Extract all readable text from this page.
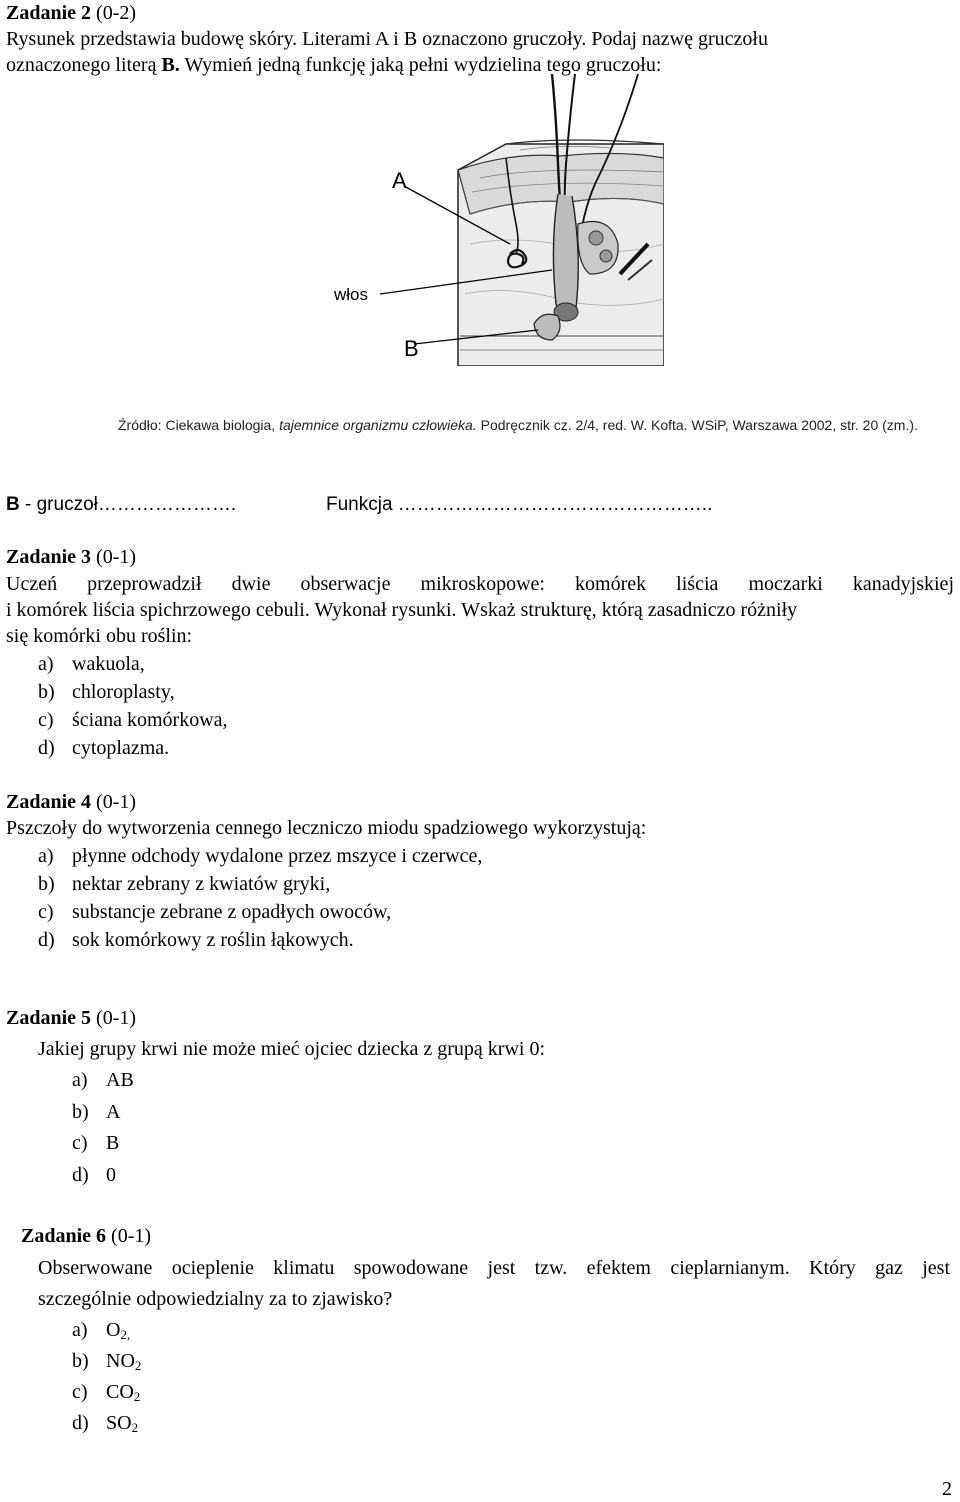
Zadanie 2 (0-2)
Rysunek przedstawia budowę skóry. Literami A i B oznaczono gruczoły. Podaj nazwę gruczołu
oznaczonego literą B. Wymień jedną funkcję jaką pełni wydzielina tego gruczołu:
A
włos
B
Źródło: Ciekawa biologia, tajemnice organizmu człowieka. Podręcznik cz. 2/4, red. W. Kofta. WSiP, Warszawa 2002, str. 20 (zm.).
B - gruczoł………………….	Funkcja …………………………………………..
Zadanie 3 (0-1)
Uczeń przeprowadził dwie obserwacje mikroskopowe: komórek liścia moczarki kanadyjskiej
i komórek liścia spichrzowego cebuli. Wykonał rysunki. Wskaż strukturę, którą zasadniczo różniły
się komórki obu roślin:
a) wakuola,
b) chloroplasty,
c) ściana komórkowa,
d) cytoplazma.
Zadanie 4 (0-1)
Pszczoły do wytworzenia cennego leczniczo miodu spadziowego wykorzystują:
a) płynne odchody wydalone przez mszyce i czerwce,
b) nektar zebrany z kwiatów gryki,
c) substancje zebrane z opadłych owoców,
d) sok komórkowy z roślin łąkowych.
Zadanie 5 (0-1)
Jakiej grupy krwi nie może mieć ojciec dziecka z grupą krwi 0:
a) AB
b) A
c) B
d) 0
Zadanie 6 (0-1)
Obserwowane ocieplenie klimatu spowodowane jest tzw. efektem cieplarnianym. Który gaz jest
szczególnie odpowiedzialny za to zjawisko?
a) $O_{2,}$
b) $NO_2$
c) $CO_2$
d) $SO_2$
2
